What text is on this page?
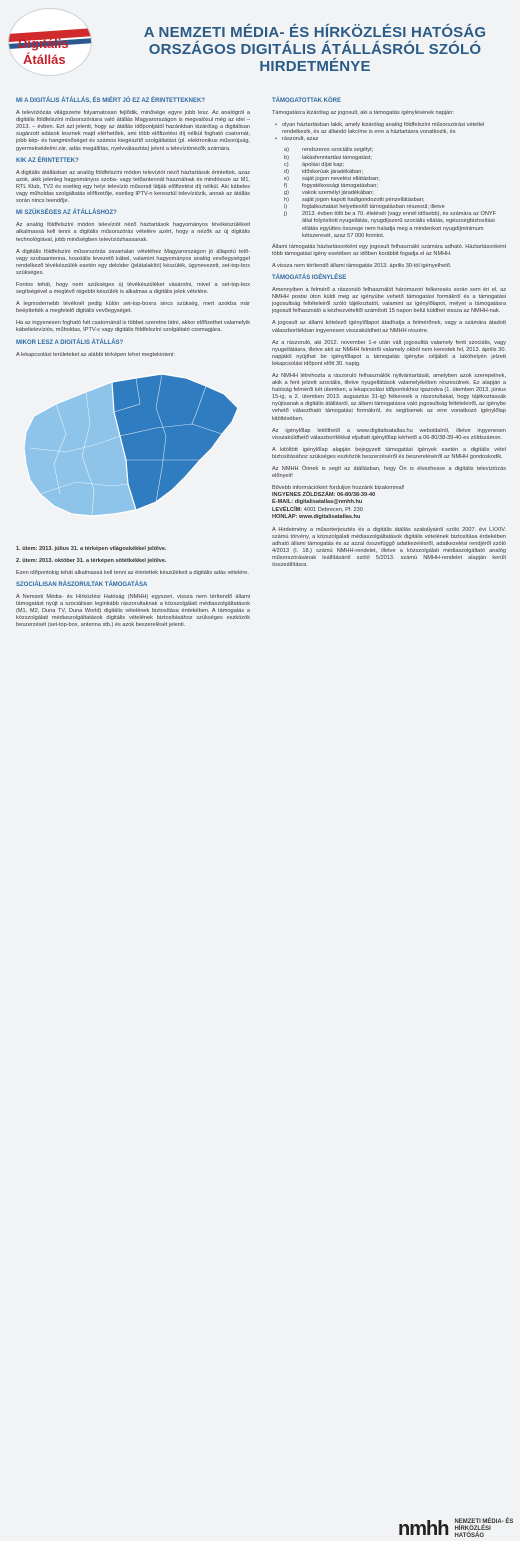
Digitális
Átállás
A NEMZETI MÉDIA- ÉS HÍRKÖZLÉSI HATÓSÁG
ORSZÁGOS DIGITÁLIS ÁTÁLLÁSRÓL SZÓLÓ HIRDETMÉNYE
MI A DIGITÁLIS ÁTÁLLÁS, ÉS MIÉRT JÓ EZ AZ ÉRINTETTEKNEK?
A televíziózás világszerte folyamatosan fejlődik, minősége egyre jobb lesz. Az analógról a digitális földfelszíni műsorszórásra való átállás Magyarországon is megvalósul még az idei – 2013. – évben. Ezt azt jelenti, hogy az átállás időpontjától hazánkban kizárólag a digitálisan sugárzott adások lesznek majd elérhetőek, ami több előfizetési díj nélkül fogható csatornát, jobb kép- és hangminőséget és számos kiegészítő szolgáltatást (pl. elektronikus műsorújság, gyermekvédelmi zár, adás megállítás, nyelvválasztás) jelent a televíziónézők számára.
KIK AZ ÉRINTETTEK?
A digitális átállásban az analóg földfelszíni módon televíziót néző háztartások érintettek, azaz azok, akik jelenleg hagyományos szoba- vagy tetőantennát használnak és mindössze az M1, RTL Klub, TV2 és esetleg egy helyi televízió műsorait látják előfizetési díj nélkül. Aki kábeles vagy műholdas szolgáltatás előfizetője, esetleg IPTV-n keresztül televíziózik, annak az átállás során nincs teendője.
MI SZÜKSÉGES AZ ÁTÁLLÁSHOZ?
Az analóg földfelszíni módon televíziót néző háztartások hagyományos tévékészülékeit alkalmassá kell tenni a digitális műsorszórás vételére azért, hogy a nézők az új digitális technológiával, jobb minőségben televíziózhassanak.
A digitális földfelszíni műsorszórás zavartalan vételéhez Magyarországon jó állapotú tető- vagy szobaantenna, koaxiális levezető kábel, valamint hagyományos analóg vevőegységgel rendelkező tévékészülék esetén egy dekóder (jelátalakító) készülék, úgynevezett, set-top-box szükséges.
Fontos tehát, hogy nem szükséges új tévékészüléket vásárolni, mivel a set-top-box segítségével a meglévő régebbi készülék is alkalmas a digitális jelek vételére.
A legmodernebb tévéknél pedig külön set-top-boxra sincs szükség, mert azokba már beépítették a megfelelő digitális vevőegységet.
Ha az ingyenesen fogható hét csatornánál is többet szeretne látni, akkor előfizethet valamelyik kábeltelevíziós, műholdas, IPTV-s vagy digitális földfelszíni szolgáltató csomagjára.
MIKOR LESZ A DIGITÁLIS ÁTÁLLÁS?
A lekapcsolási területeket az alábbi térképen lehet megtekinteni:
1. ütem: 2013. július 31. a térképen világoskékkel jelölve.
2. ütem: 2013. október 31. a térképen sötétkékkel jelölve.
Ezen időpontokig tehát alkalmassá kell tenni az érintettek készülékeit a digitális adás vételére.
SZOCIÁLISAN RÁSZORULTAK TÁMOGATÁSA
A Nemzeti Média- és Hírközlési Hatóság (NMHH) egyszeri, vissza nem térítendő állami támogatást nyújt a szociálisan leginkább rászorultaknak a közszolgálati médiaszolgáltatások (M1, M2, Duna TV, Duna World) digitális vételének biztosítása érdekében. A támogatás a közszolgálati médiaszolgáltatások digitális vételének biztosításához szükséges eszközök beszerzését (set-top-box, antenna stb.) és azok beszerelését jelenti.
TÁMOGATOTTAK KÖRE
Támogatásra kizárólag az jogosult, aki a támogatás igénylésének napján:
• olyan háztartásban lakik, amely kizárólag analóg földfelszíni műsorszórási vételtel rendelkezik, és az állandó lakcíme is erre a háztartásra vonatkozik, és
• rászorult, azaz
a) rendszeres szociális segélyt;
b) lakásfenntartási támogatást;
c) ápolási díjat kap;
d) időskorúak járadékában;
e) saját jogon nevelési ellátásban;
f)	fogyatékossági támogatásban;
g) vakok személyi járadékában;
h) saját jogon kapott hadigondozotti pénzellátásban;
i)	foglalkoztatást helyettesítő támogatásban részesül; illetve
j)	2013. évben tölti be a 70. életévét (vagy ennél idősebb), és számára az ONYF által folyósított nyugellátás, nyugdíjszerű szociális ellátás, egészségbiztosítási ellátás együttes összege nem haladja meg a mindenkori nyugdíjminimum kétszeresét, azaz 57 000 forintot.
Állami támogatás háztartásonként egy jogosult felhasználó számára adható. Háztartásonként több támogatási igény esetében az időben korábbit fogadja el az NMHH.
A vissza nem térítendő állami támogatás 2013. április 30-tól igényelhető.
TÁMOGATÁS IGÉNYLÉSE
Amennyiben a felmérő a rászoruló felhasználót háromszori felkeresés során sem éri el, az NMHH postai úton küldi meg az igényübe vehető támogatási formákról és a támogatási jogosultság feltételeiről szóló tájékoztatót, valamint az igénylőlapot, melyet a támogatásra jogosult felhasználó a kézhezvételtől számított 15 napon belül küldhet vissza az NMHH-nak.
A jogosult az állami kötelező igénylőlapot átadhatja a felmérőnek, vagy a számára átadott válaszborítékban ingyenesen visszaküldheti az NMHH részére.
Az a rászoruló, aki 2012. november 1-e után vált jogosulttá valamely fenti szociális, vagy nyugellátásra, illetve akit az NMHH felmérői valamely okból nem kerestek fel, 2013. április 30. napjától nyújthat be igénylőlapot a támogatás igénybe céljából a lakóhelyén jelzett lekapcsolási időpont előtt 30. napig.
Az NMHH létrehozta a rászoruló felhasználók nyilvántartását, amelyben azok szerepelnek, akik a fent jelzett szociális, illetve nyugellátások valamelyikében részesülnek. Ez alapján a hatóság felmérői két ütemben, a lekapcsolási időpontokhoz igazodva (1. ütemben 2013. június 15-ig, a 2. ütemben 2013. augusztus 31-ig) felkeresik a rászorultakat, hogy tájékoztassák nyújtsanak a digitális átállásról, az állami támogatásra való jogosultság feltételeiről, az igénybe vehető választható támogatási formákról, és segítsenek az erre vonatkozó igénylőlap kitöltésében.
Az igénylőlap letölthető a www.digitalisatallas.hu weboldalról, illetve ingyenesen visszaküldhető válaszborítékkal eljuttatt igénylőlap kérhető a 06-80/38-39-40-es zöldszámon.
A kitöltött igénylőlap alapján bejegyzett támogatási igények esetén a digitális vétel biztosításához szükséges eszközök beszerzéséről és beszereléséről az NMHH gondoskodik.
Az NMHH Önnek is segít az átállásban, hogy Ön is élvezhesse a digitális televíziózás előnyeit!
Bővebb információkért forduljon hozzánk bizalommal!
INGYENES ZÖLDSZÁM: 06-80/38-39-40
E-MAIL: digitalisatallas@nmhh.hu
LEVÉLCÍM: 4001 Debrecen, Pf. 230
HONLAP: www.digitalisatallas.hu
A Hirdetmény a műsorterjesztés és a digitális átállás szabályairól szóló 2007. évi LXXIV. számú törvény, a közszolgálati médiaszolgáltatások digitális vételének biztosítása érdekében adható állami támogatás és az azzal összefüggő adatkezelésről, adatkezelési rendjéről szóló 4/2013 (I. 18.) számú NMHH-rendelet, illetve a közszolgálati médiaszolgáltató analóg műsorszórásának leállításáról szóló 5/2013. számú NMHH-rendelet alapján került összeállításra.
nmhh NEMZETI MÉDIA- ÉS
HÍRKÖZLÉSI HATÓSÁG
